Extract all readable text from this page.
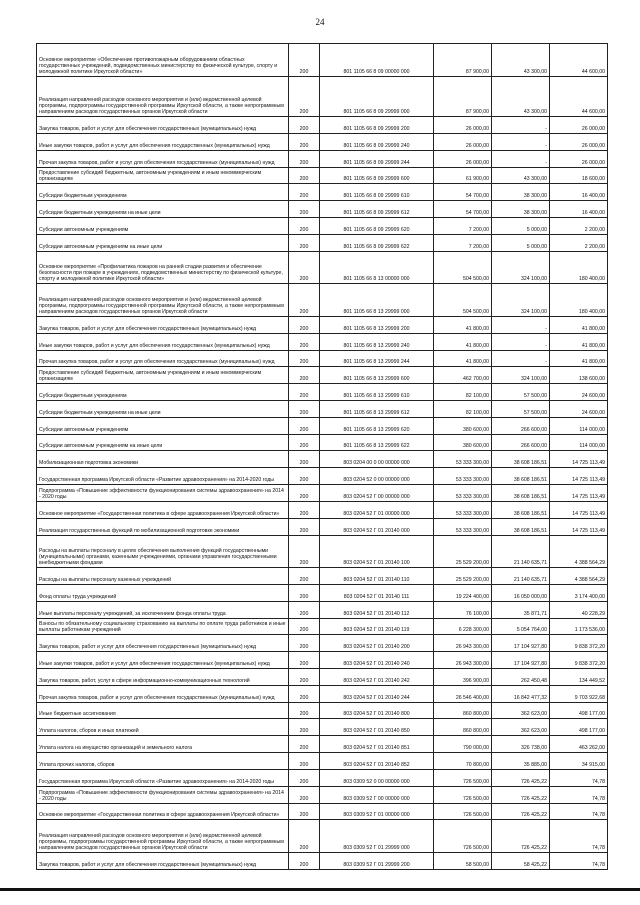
24
Основное мероприятие «Обеспечение противопожарным оборудованием областных государственных учреждений, подведомственных министерству по физической культуре, спорту и молодежной политике Иркутской области»	200	801 1105 66 8 09 00000 000	87 900,00	43 300,00	44 600,00
Реализация направлений расходов основного мероприятия и (или) ведомственной целевой программы, подпрограммы государственной программы Иркутской области, а также непрограммным направлениям расходов государственных органов Иркутской области	200	801 1105 66 8 09 29999 000	87 900,00	43 300,00	44 600,00
Закупка товаров, работ и услуг для обеспечения государственных (муниципальных) нужд	200	801 1105 66 8 09 29999 200	26 000,00	-	26 000,00
Иные закупки товаров, работ и услуг для обеспечения государственных (муниципальных) нужд	200	801 1105 66 8 09 29999 240	26 000,00	-	26 000,00
Прочая закупка товаров, работ и услуг для обеспечения государственных (муниципальных) нужд	200	801 1105 66 8 09 29999 244	26 000,00	-	26 000,00
Предоставление субсидий бюджетным, автономным учреждениям и иным некоммерческим организациям	200	801 1105 66 8 09 29999 600	61 900,00	43 300,00	18 600,00
Субсидии бюджетным учреждениям	200	801 1105 66 8 09 29999 610	54 700,00	38 300,00	16 400,00
Субсидии бюджетным учреждениям на иные цели	200	801 1105 66 8 09 29999 612	54 700,00	38 300,00	16 400,00
Субсидии автономным учреждениям	200	801 1105 66 8 09 29999 620	7 200,00	5 000,00	2 200,00
Субсидии автономным учреждениям на иные цели	200	801 1105 66 8 09 29999 622	7 200,00	5 000,00	2 200,00
Основное мероприятие «Профилактика пожаров на ранней стадии развития и обеспечение безопасности при пожаре в учреждениях, подведомственных министерству по физической культуре, спорту и молодежной политике Иркутской области»	200	801 1105 66 8 13 00000 000	504 500,00	324 100,00	180 400,00
Реализация направлений расходов основного мероприятия и (или) ведомственной целевой программы, подпрограммы государственной программы Иркутской области, а также непрограммным направлениям расходов государственных органов Иркутской области	200	801 1105 66 8 13 29999 000	504 500,00	324 100,00	180 400,00
Закупка товаров, работ и услуг для обеспечения государственных (муниципальных) нужд	200	801 1105 66 8 13 29999 200	41 800,00	-	41 800,00
Иные закупки товаров, работ и услуг для обеспечения государственных (муниципальных) нужд	200	801 1105 66 8 13 29999 240	41 800,00	-	41 800,00
Прочая закупка товаров, работ и услуг для обеспечения государственных (муниципальных) нужд	200	801 1105 66 8 13 29999 244	41 800,00	-	41 800,00
Предоставление субсидий бюджетным, автономным учреждениям и иным некоммерческим организациям	200	801 1105 66 8 13 29999 600	462 700,00	324 100,00	138 600,00
Субсидии бюджетным учреждениям	200	801 1105 66 8 13 29999 610	82 100,00	57 500,00	24 600,00
Субсидии бюджетным учреждениям на иные цели	200	801 1105 66 8 13 29999 612	82 100,00	57 500,00	24 600,00
Субсидии автономным учреждениям	200	801 1105 66 8 13 29999 620	380 600,00	266 600,00	114 000,00
Субсидии автономным учреждениям на иные цели	200	801 1105 66 8 13 29999 622	380 600,00	266 600,00	114 000,00
Мобилизационная подготовка экономики	200	803 0204 00 0 00 00000 000	53 333 300,00	38 608 186,51	14 725 113,49
Государственная программа Иркутской области «Развитие здравоохранения» на 2014-2020 годы	200	803 0204 52 0 00 00000 000	53 333 300,00	38 608 186,51	14 725 113,49
Подпрограмма «Повышение эффективности функционирования системы здравоохранения» на 2014 - 2020 годы	200	803 0204 52 Г 00 00000 000	53 333 300,00	38 608 186,51	14 725 113,49
Основное мероприятие «Государственная политика в сфере здравоохранения Иркутской области»	200	803 0204 52 Г 01 00000 000	53 333 300,00	38 608 186,51	14 725 113,49
Реализация государственных функций по мобилизационной подготовке экономики	200	803 0204 52 Г 01 20140 000	53 333 300,00	38 608 186,51	14 725 113,49
Расходы на выплаты персоналу в целях обеспечения выполнения функций государственными (муниципальными) органами, казенными учреждениями, органами управления государственными внебюджетными фондами	200	803 0204 52 Г 01 20140 100	25 529 200,00	21 140 635,71	4 388 564,29
Расходы на выплаты персоналу казенных учреждений	200	803 0204 52 Г 01 20140 110	25 529 200,00	21 140 635,71	4 388 564,29
Фонд оплаты труда учреждений	200	803 0204 52 Г 01 20140 111	19 224 400,00	16 050 000,00	3 174 400,00
Иные выплаты персоналу учреждений, за исключением фонда оплаты труда	200	803 0204 52 Г 01 20140 112	76 100,00	35 871,71	40 228,29
Взносы по обязательному социальному страхованию на выплаты по оплате труда работников и иные выплаты работникам учреждений	200	803 0204 52 Г 01 20140 119	6 228 300,00	5 054 764,00	1 173 536,00
Закупка товаров, работ и услуг для обеспечения государственных (муниципальных) нужд	200	803 0204 52 Г 01 20140 200	26 943 300,00	17 104 927,80	9 838 372,20
Иные закупки товаров, работ и услуг для обеспечения государственных (муниципальных) нужд	200	803 0204 52 Г 01 20140 240	26 943 300,00	17 104 927,80	9 838 372,20
Закупка товаров, работ, услуг в сфере информационно-коммуникационных технологий	200	803 0204 52 Г 01 20140 242	396 900,00	262 450,48	134 449,52
Прочая закупка товаров, работ и услуг для обеспечения государственных (муниципальных) нужд	200	803 0204 52 Г 01 20140 244	26 546 400,00	16 842 477,32	9 703 922,68
Иные бюджетные ассигнования	200	803 0204 52 Г 01 20140 800	860 800,00	362 623,00	498 177,00
Уплата налогов, сборов и иных платежей	200	803 0204 52 Г 01 20140 850	860 800,00	362 623,00	498 177,00
Уплата налога на имущество организаций и земельного налога	200	803 0204 52 Г 01 20140 851	790 000,00	326 738,00	463 262,00
Уплата прочих налогов, сборов	200	803 0204 52 Г 01 20140 852	70 800,00	35 885,00	34 915,00
Государственная программа Иркутской области «Развитие здравоохранения» на 2014-2020 годы	200	803 0309 52 0 00 00000 000	726 500,00	726 425,22	74,78
Подпрограмма «Повышение эффективности функционирования системы здравоохранения» на 2014 - 2020 годы	200	803 0309 52 Г 00 00000 000	726 500,00	726 425,22	74,78
Основное мероприятие «Государственная политика в сфере здравоохранения Иркутской области»	200	803 0309 52 Г 01 00000 000	726 500,00	726 425,22	74,78
Реализация направлений расходов основного мероприятия и (или) ведомственной целевой программы, подпрограммы государственной программы Иркутской области, а также непрограммным направлениям расходов государственных органов Иркутской области	200	803 0309 52 Г 01 29999 000	726 500,00	726 425,22	74,78
Закупка товаров, работ и услуг для обеспечения государственных (муниципальных) нужд	200	803 0309 52 Г 01 29999 200	58 500,00	58 425,22	74,78
